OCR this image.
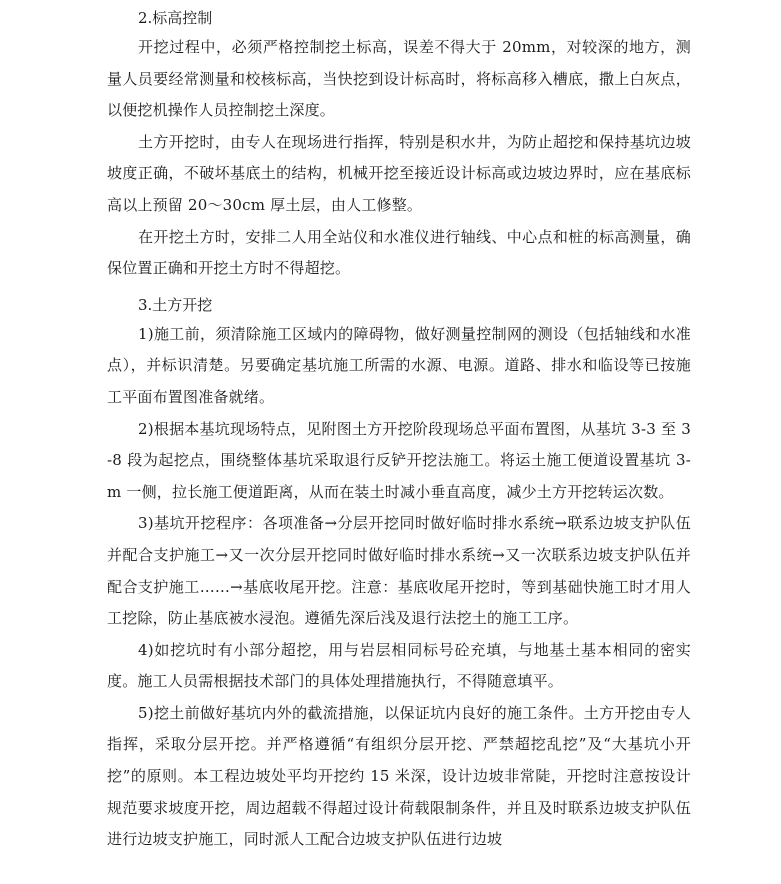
2.标高控制

开挖过程中，必须严格控制挖土标高，误差不得大于 20mm，对较深的地方，测量人员要经常测量和校核标高，当快挖到设计标高时，将标高移入槽底，撒上白灰点，以便挖机操作人员控制挖土深度。

土方开挖时，由专人在现场进行指挥，特别是积水井，为防止超挖和保持基坑边坡坡度正确，不破坏基底土的结构，机械开挖至接近设计标高或边坡边界时，应在基底标高以上预留 20～30cm 厚土层，由人工修整。

在开挖土方时，安排二人用全站仪和水准仪进行轴线、中心点和桩的标高测量，确保位置正确和开挖土方时不得超挖。

3.土方开挖

1)施工前，须清除施工区域内的障碍物，做好测量控制网的测设（包括轴线和水准点），并标识清楚。另要确定基坑施工所需的水源、电源。道路、排水和临设等已按施工平面布置图准备就绪。

2)根据本基坑现场特点，见附图土方开挖阶段现场总平面布置图，从基坑 3-3 至 3-8 段为起挖点，围绕整体基坑采取退行反铲开挖法施工。将运土施工便道设置基坑 3-m 一侧，拉长施工便道距离，从而在装土时减小垂直高度，减少土方开挖转运次数。

3)基坑开挖程序：各项准备→分层开挖同时做好临时排水系统→联系边坡支护队伍并配合支护施工→又一次分层开挖同时做好临时排水系统→又一次联系边坡支护队伍并配合支护施工……→基底收尾开挖。注意：基底收尾开挖时，等到基础快施工时才用人工挖除，防止基底被水浸泡。遵循先深后浅及退行法挖土的施工工序。

4)如挖坑时有小部分超挖，用与岩层相同标号砼充填，与地基土基本相同的密实度。施工人员需根据技术部门的具体处理措施执行，不得随意填平。

5)挖土前做好基坑内外的截流措施，以保证坑内良好的施工条件。土方开挖由专人指挥，采取分层开挖。并严格遵循“有组织分层开挖、严禁超挖乱挖”及“大基坑小开挖”的原则。本工程边坡处平均开挖约 15 米深，设计边坡非常陡，开挖时注意按设计规范要求坡度开挖，周边超载不得超过设计荷载限制条件，并且及时联系边坡支护队伍进行边坡支护施工，同时派人工配合边坡支护队伍进行边坡
